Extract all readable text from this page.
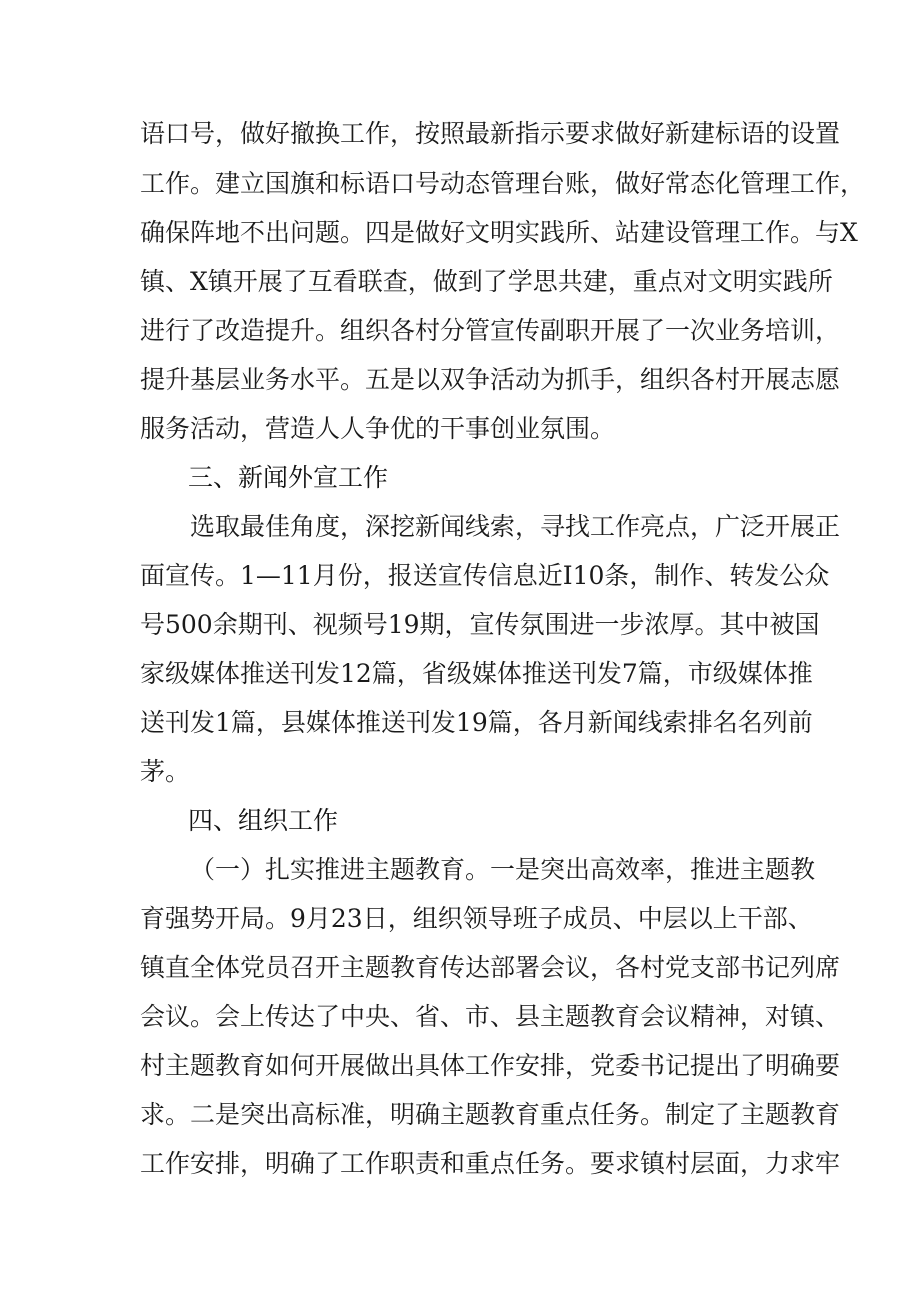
语口号，做好撤换工作，按照最新指示要求做好新建标语的设置
工作。建立国旗和标语口号动态管理台账，做好常态化管理工作，
确保阵地不出问题。四是做好文明实践所、站建设管理工作。与X
镇、X镇开展了互看联查，做到了学思共建，重点对文明实践所
进行了改造提升。组织各村分管宣传副职开展了一次业务培训，
提升基层业务水平。五是以双争活动为抓手，组织各村开展志愿
服务活动，营造人人争优的干事创业氛围。
三、新闻外宣工作
选取最佳角度，深挖新闻线索，寻找工作亮点，广泛开展正
面宣传。1—11月份，报送宣传信息近I10条，制作、转发公众
号500余期刊、视频号19期，宣传氛围进一步浓厚。其中被国
家级媒体推送刊发12篇，省级媒体推送刊发7篇，市级媒体推
送刊发1篇，县媒体推送刊发19篇，各月新闻线索排名名列前
茅。
四、组织工作
（一）扎实推进主题教育。一是突出高效率，推进主题教
育强势开局。9月23日，组织领导班子成员、中层以上干部、
镇直全体党员召开主题教育传达部署会议，各村党支部书记列席
会议。会上传达了中央、省、市、县主题教育会议精神，对镇、
村主题教育如何开展做出具体工作安排，党委书记提出了明确要
求。二是突出高标准，明确主题教育重点任务。制定了主题教育
工作安排，明确了工作职责和重点任务。要求镇村层面，力求牢
